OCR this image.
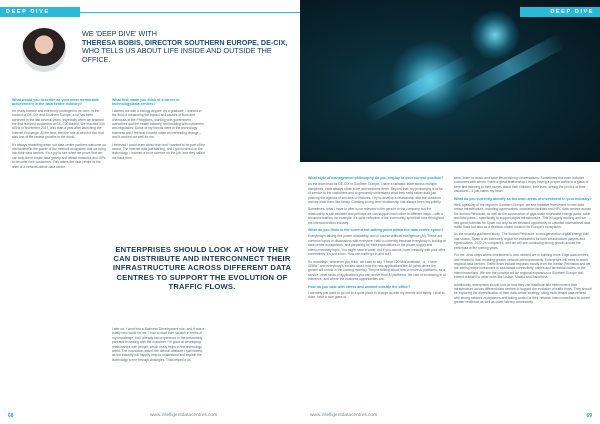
DEEP DIVE
WE 'DEEP DIVE' WITH
THERESA BOBIS, DIRECTOR SOUTHERN EUROPE, DE-CIX,
WHO TELLS US ABOUT LIFE INSIDE AND OUTSIDE THE OFFICE.
What would you describe as your most memorable achievement in the data centre industry?
I'm really humble and extremely privileged to be here. In the context of DE-CIX and Southern Europe, a lot has been achieved in the last several years, especially when we reached the first hundred customers at DE-CIX Madrid. We reached 100 ASNs in November 2017, less than a year after launching the Internet Exchange. At the time, and the rate at which it did, that was one of the fastest growths in the world.
It's always rewarding when our data centre partners welcome us and believe in the power of the network ecosystem that we bring into their data centres. It's a joy to see when we prove that we can help them create data gravity and attract networks and ISPs to become their customers. This raises the data centre to the level of a network-dense data centre.
What first made you think of a career in technology/data centres?
I started out with a biology degree. As a graduate, I worked in the field of measuring the impact and causes of food and chemicals in the Philippines, working with government authorities and the health industry, and building with customers and regulators. Some of my friends were in the technology business and I felt that it would make an interesting change – and it worked out well for me.
I believed I could learn about tech and I wanted to be part of the sector. The Internet was just starting, and I got involved on the technology. I learned a lot of science on the job, and they called me back then.
ENTERPRISES SHOULD LOOK AT HOW THEY CAN DISTRIBUTE AND INTERCONNECT THEIR INFRASTRUCTURE ACROSS DIFFERENT DATA CENTRES TO SUPPORT THE EVOLUTION OF TRAFFIC FLOWS.
Later on, I went into a Business Development role, and it was a totally new world for me. I had to start from scratch in terms of my knowledge, but I already had experience in the networking part and in dealing with the customer. I'm good at developing relationships with people, which really helps in the technology world. The innovation wasn't the difficult obstacle I had feared, as the industry will happily help to understand and explain the technology to me through analogies. That helped a lot.
68	www.intelligentdatacentres.com
DEEP DIVE
What style of management philosophy do you employ in your current position?
As the team lead for DE-CIX in Southern Europe, I have a fantastic team across multiple disciplines, each always show to-be and welcome them. Beyond that, my philosophy is to be of service to the customers and to genuinely understand what they need rather than just pushing the agenda of services or features. I try to develop a relationship with the customer and we treat them like family. Creating a long-term relationship has always been my priority.
Sometimes, what I have to offer is not relevant to the person or the company, but the relationship is still valuable and perhaps we can support each other in different ways – with a recommendation, for example. It's quite reflective of the community spirit that runs throughout the interconnection industry.
What do you think is the current hot talking point within the data centre space?
Everybody's talking this power availability, and of course artificial intelligence (AI). These are common topics in discussions with everyone I talk to currently because everybody is looking at data centre ecosystems, and preparing for their expectations in the power supply and interconnectivity topic. You might have a tower, but if you cannot cover instantly with your offer connectivity, it's just a box. How can traffic go in and out?
So nowadays, whenever you think, we have to say, 'I have 100 MW available,' or, 'I have 40MW,' and everybody's excited about how the new applications like AI (what drives the growth will unfold in the coming months). They're talking about how to move AI platforms, as a service, what kinds of applications you can derive from AI platforms, the rate of increasing in AI inference, and where the business opportunities are.
How do you deal with stress and unwind outside the office?
I normally just want to go out to a quiet place to charge up with my friends and family. I love to relax, have a nice glass of
wine, listen to music and have life-enriching conversations. Sometimes this even includes customers with whom I have a great relationship. I enjoy having a proper coffee in a glass of wine and listening to their stories about their children, their lives, seeing the photos of their vacations – it just calms my heart.
What do you currently identify as the main areas of investment in your industry?
Well, speaking of the region in Southern Europe, we see massive investment in new data centre infrastructure, including hyperscalers, colocation facilities and HPC data centres across the Iberian Peninsula, as well as the construction of giga-scale renewable energy parks, solar and tidal parks – specifically to support digital infrastructure. This is hugely exciting and we see great potential for Spain not only as an elevated opportunity to optimise international data traffic flows but also as a decision-maker location for Europe's ecosystem.
As the recently published study, 'The Iberian Peninsula: a next-generation digital energy hub', has shown, Spain is an extremely region for investment for both infrastructure players and hyperscalers. 2022-24 companies, and we will see continuing strong growth across the peninsula in the coming years.
For me, what stays where investment is now needed are in building more Edge data centres, and related to that, enabling greater network interconnectivity. Enterprises will need to reach regional data centres. Traffic flows include requests mostly from the Iberian Peninsula and we are seeing major investment in sea-based connectivity, cables and terrestrial routes, in the interconnections. We see the concept will be regional expansion in Southern Europe and extend outward to other hubs like Lisbon, Madrid and Barcelona.
Additionally, enterprises should look at how they can distribute and interconnect their infrastructure across different data centres to support the evolution of traffic flows. They should be exploring the diversification of their data centre strategy, using multi-tenant data centres with strong network ecosystems and taking control of their network interconnections to create greater resilience as well as lower latency connectivity.
www.intelligentdatacentres.com	69
